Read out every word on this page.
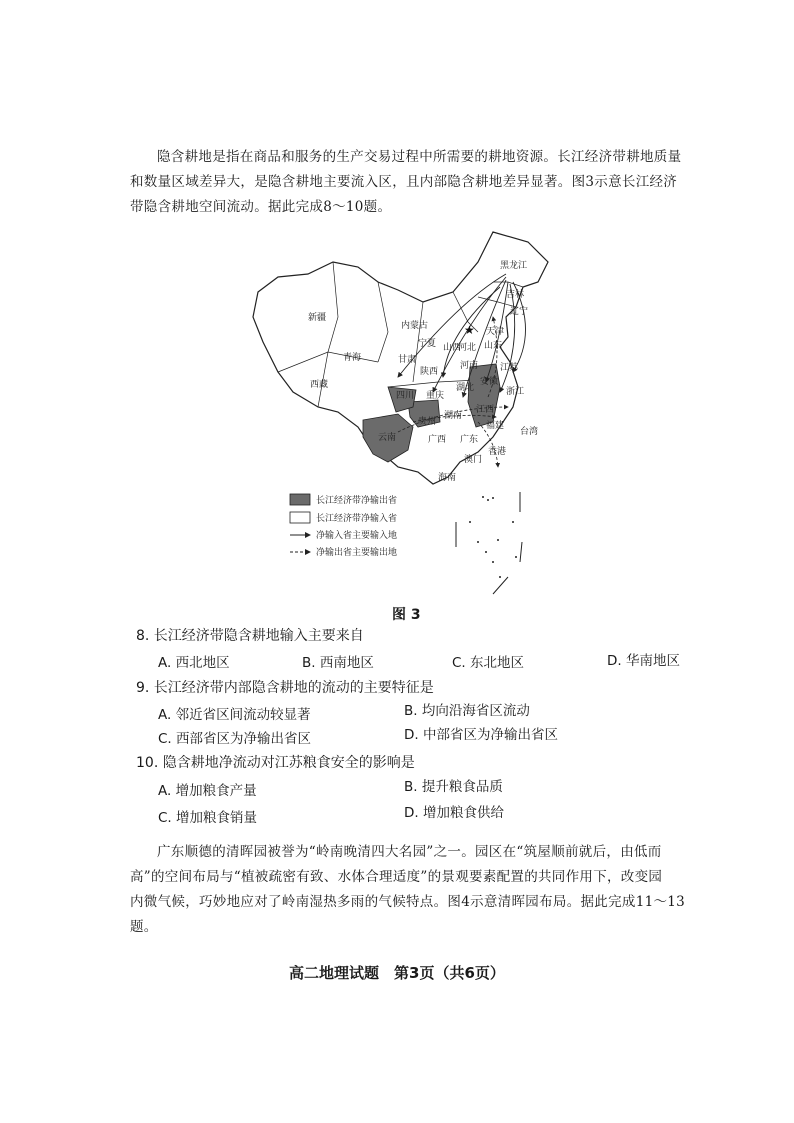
隐含耕地是指在商品和服务的生产交易过程中所需要的耕地资源。长江经济带耕地质量

和数量区域差异大，是隐含耕地主要流入区，且内部隐含耕地差异显著。图3示意长江经济

带隐含耕地空间流动。据此完成8～10题。

★
新疆
西藏
青海
内蒙古
黑龙江
吉林
辽宁
河北
天津
山西	山东
宁夏
甘肃
陕西
河南 江苏
四川
湖北
安徽
重庆
湖南
江西
浙江
贵州
云南	广西 广东
福建
台湾
香港
澳门
海南
长江经济带净输出省
长江经济带净输入省
净输入省主要输入地
净输出省主要输出地
图 3
8. 长江经济带隐含耕地输入主要来自
A. 西北地区	B. 西南地区	C. 东北地区	D. 华南地区
9. 长江经济带内部隐含耕地的流动的主要特征是
A. 邻近省区间流动较显著	B. 均向沿海省区流动
C. 西部省区为净输出省区	D. 中部省区为净输出省区
10. 隐含耕地净流动对江苏粮食安全的影响是
A. 增加粮食产量	B. 提升粮食品质
C. 增加粮食销量	D. 增加粮食供给

广东顺德的清晖园被誉为“岭南晚清四大名园”之一。园区在“筑屋顺前就后，由低而

高”的空间布局与“植被疏密有致、水体合理适度”的景观要素配置的共同作用下，改变园

内微气候，巧妙地应对了岭南湿热多雨的气候特点。图4示意清晖园布局。据此完成11～13

题。

高二地理试题　第3页（共6页）
